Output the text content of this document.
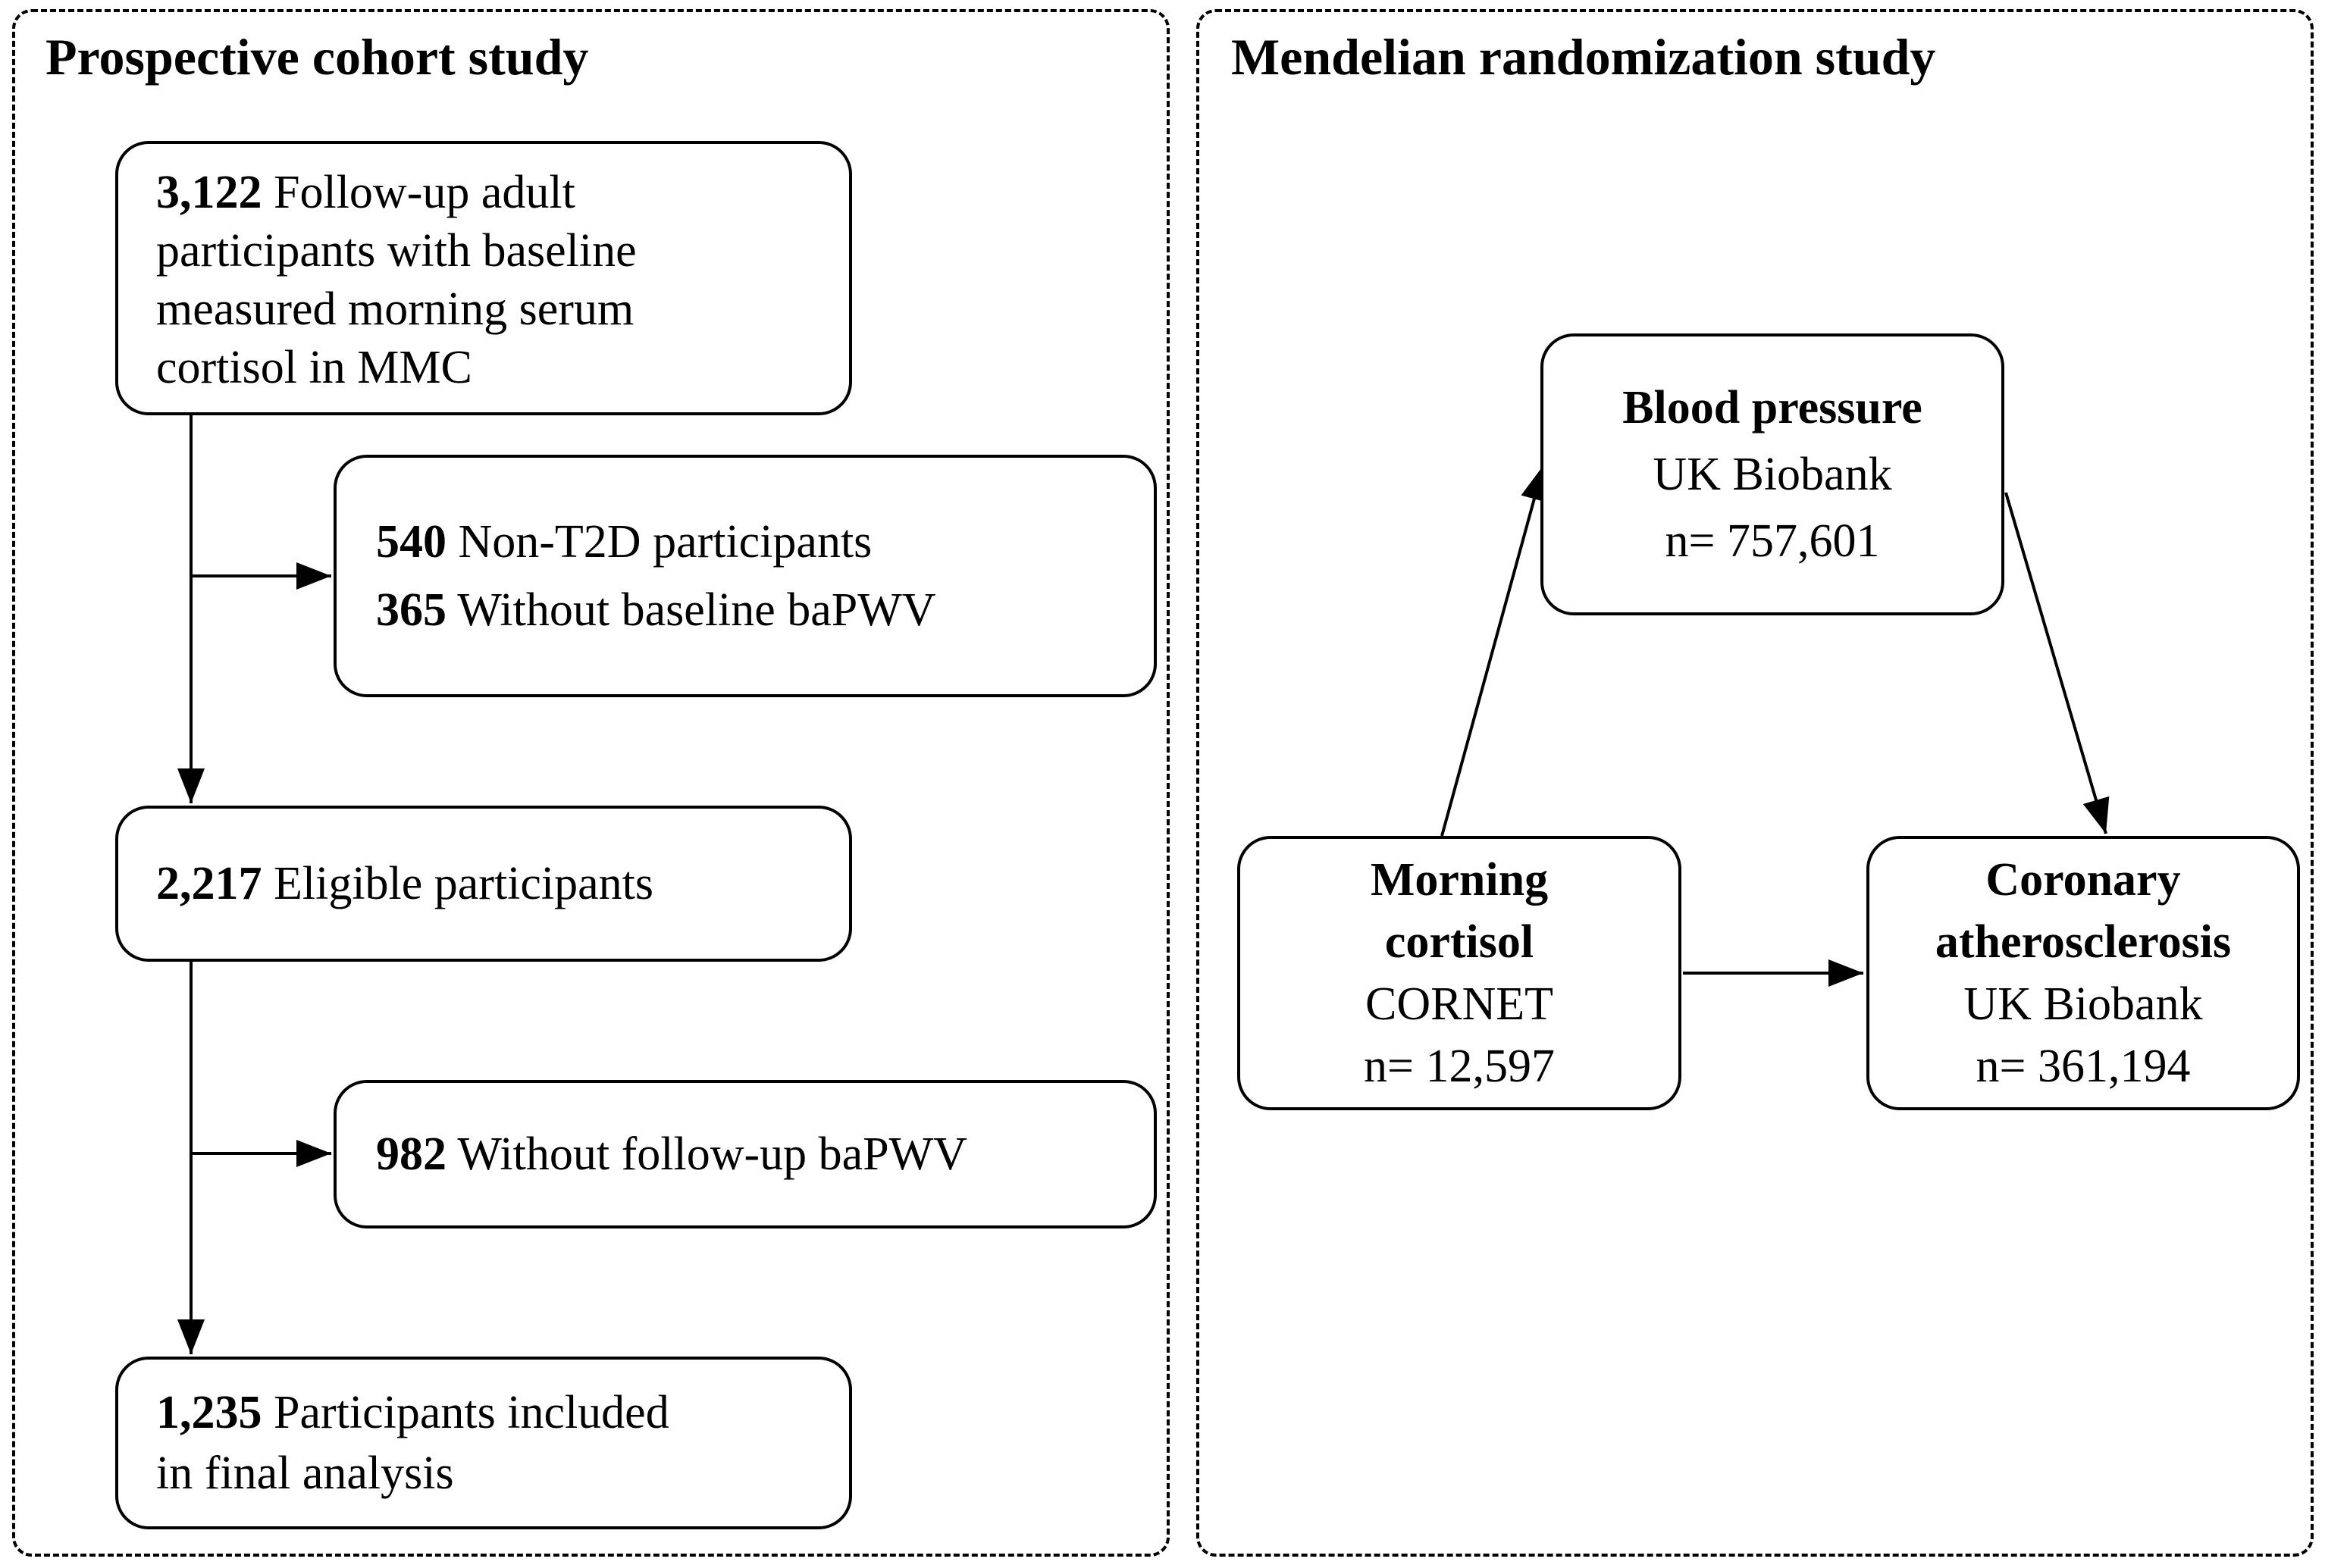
Prospective cohort study	Mendelian randomization study
3,122 Follow-up adult
participants with baseline
measured morning serum
cortisol in MMC
540 Non-T2D participants
365 Without baseline baPWV
2,217 Eligible participants
982 Without follow-up baPWV
1,235 Participants included
in final analysis
Blood pressure
UK Biobank
n= 757,601
Morning
cortisol
CORNET
n= 12,597
Coronary
atherosclerosis
UK Biobank
n= 361,194
